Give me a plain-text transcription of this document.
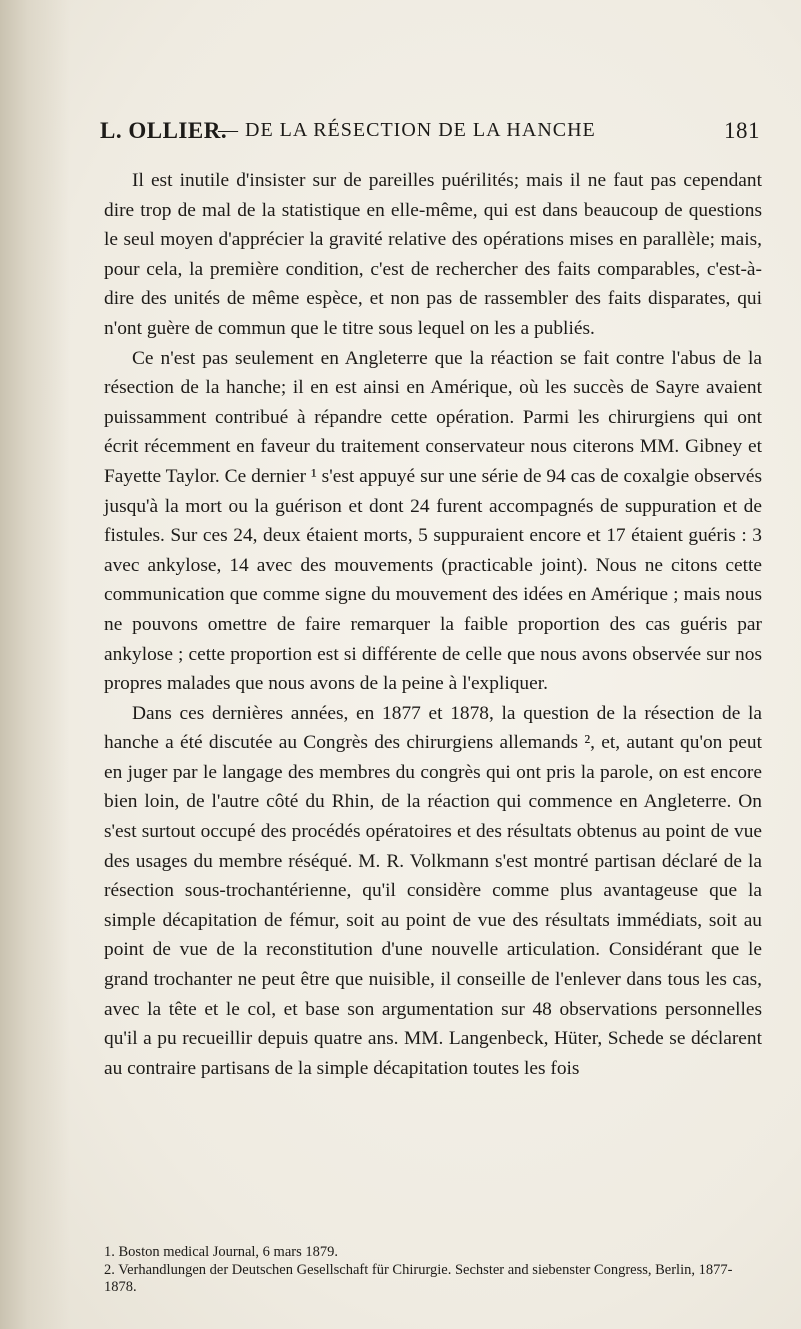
L. OLLIER.
— DE LA RÉSECTION DE LA HANCHE	181

Il est inutile d'insister sur de pareilles puérilités; mais il ne faut pas cependant dire trop de mal de la statistique en elle-même, qui est dans beaucoup de questions le seul moyen d'apprécier la gravité relative des opérations mises en parallèle; mais, pour cela, la première condition, c'est de rechercher des faits comparables, c'est-à-dire des unités de même espèce, et non pas de rassembler des faits disparates, qui n'ont guère de commun que le titre sous lequel on les a publiés.

Ce n'est pas seulement en Angleterre que la réaction se fait contre l'abus de la résection de la hanche; il en est ainsi en Amérique, où les succès de Sayre avaient puissamment contribué à répandre cette opération. Parmi les chirurgiens qui ont écrit récemment en faveur du traitement conservateur nous citerons MM. Gibney et Fayette Taylor. Ce dernier ¹ s'est appuyé sur une série de 94 cas de coxalgie observés jusqu'à la mort ou la guérison et dont 24 furent accompagnés de suppuration et de fistules. Sur ces 24, deux étaient morts, 5 suppuraient encore et 17 étaient guéris : 3 avec ankylose, 14 avec des mouvements (practicable joint). Nous ne citons cette communication que comme signe du mouvement des idées en Amérique ; mais nous ne pouvons omettre de faire remarquer la faible proportion des cas guéris par ankylose ; cette proportion est si différente de celle que nous avons observée sur nos propres malades que nous avons de la peine à l'expliquer.

Dans ces dernières années, en 1877 et 1878, la question de la résection de la hanche a été discutée au Congrès des chirurgiens allemands ², et, autant qu'on peut en juger par le langage des membres du congrès qui ont pris la parole, on est encore bien loin, de l'autre côté du Rhin, de la réaction qui commence en Angleterre. On s'est surtout occupé des procédés opératoires et des résultats obtenus au point de vue des usages du membre réséqué. M. R. Volkmann s'est montré partisan déclaré de la résection sous-trochantérienne, qu'il considère comme plus avantageuse que la simple décapitation de fémur, soit au point de vue des résultats immédiats, soit au point de vue de la reconstitution d'une nouvelle articulation. Considérant que le grand trochanter ne peut être que nuisible, il conseille de l'enlever dans tous les cas, avec la tête et le col, et base son argumentation sur 48 observations personnelles qu'il a pu recueillir depuis quatre ans. MM. Langenbeck, Hüter, Schede se déclarent au contraire partisans de la simple décapitation toutes les fois

1. Boston medical Journal, 6 mars 1879.

2. Verhandlungen der Deutschen Gesellschaft für Chirurgie. Sechster and siebenster Congress, Berlin, 1877-1878.
